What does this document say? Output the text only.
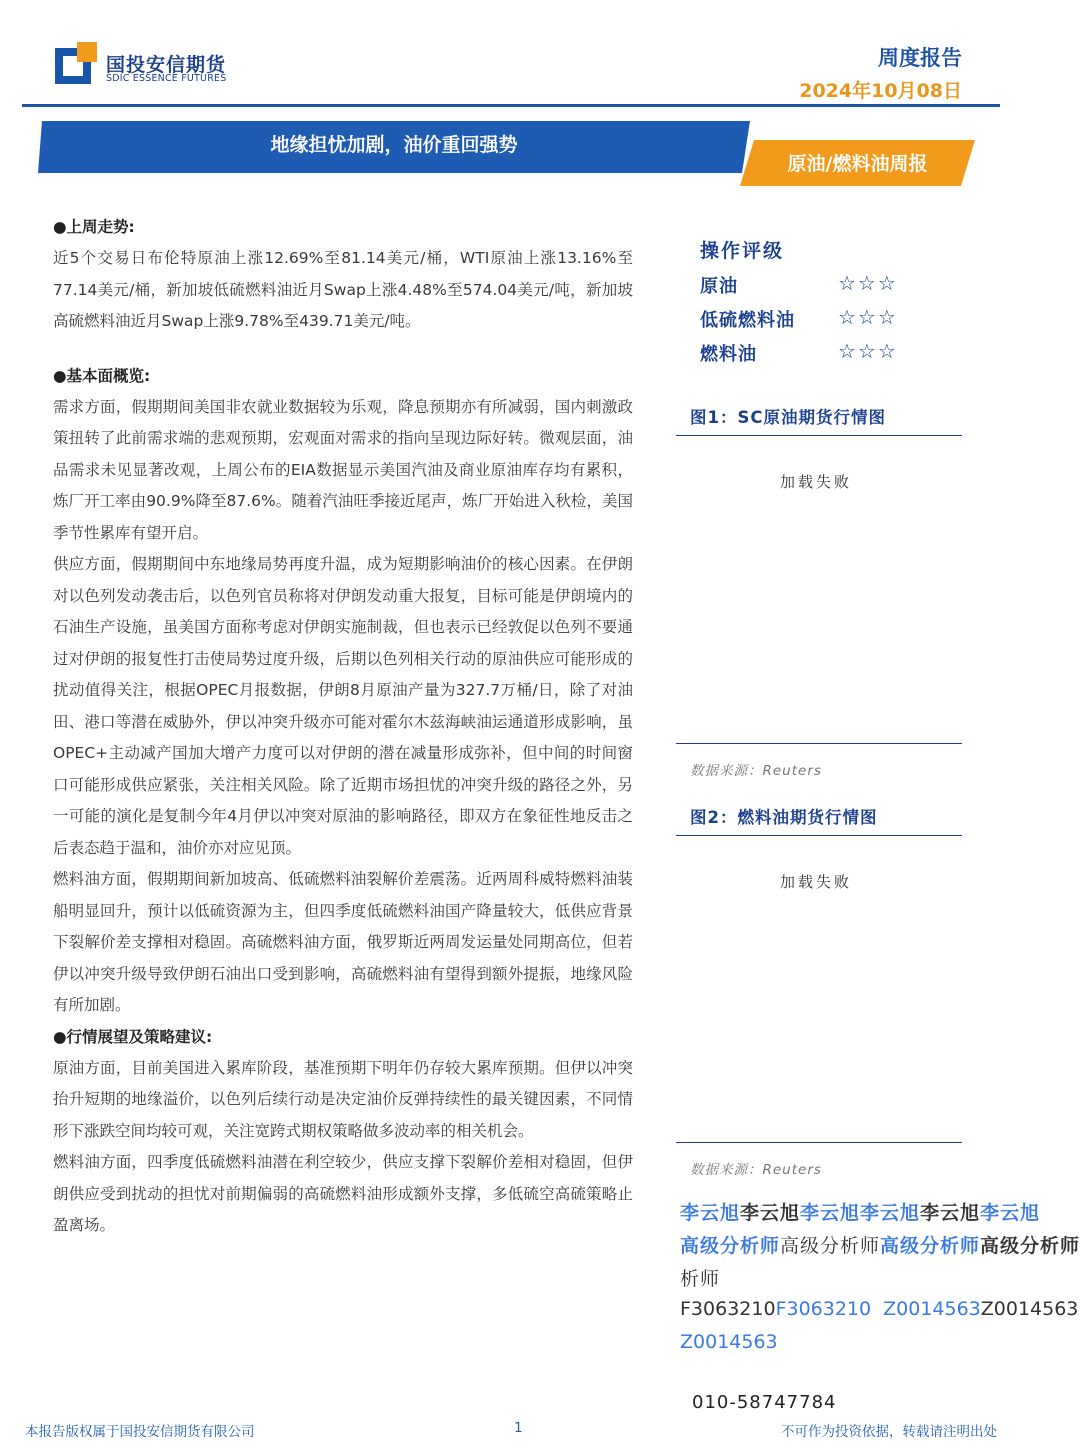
国投安信期货
SDIC ESSENCE FUTURES
周度报告
2024年10月08日
地缘担忧加剧，油价重回强势
原油/燃料油周报
●上周走势:
近5个交易日布伦特原油上涨12.69%至81.14美元/桶，WTI原油上涨13.16%至77.14美元/桶，新加坡低硫燃料油近月Swap上涨4.48%至574.04美元/吨，新加坡高硫燃料油近月Swap上涨9.78%至439.71美元/吨。
●基本面概览:
需求方面，假期期间美国非农就业数据较为乐观，降息预期亦有所减弱，国内刺激政策扭转了此前需求端的悲观预期，宏观面对需求的指向呈现边际好转。微观层面，油品需求未见显著改观，上周公布的EIA数据显示美国汽油及商业原油库存均有累积，炼厂开工率由90.9%降至87.6%。随着汽油旺季接近尾声，炼厂开始进入秋检，美国季节性累库有望开启。
供应方面，假期期间中东地缘局势再度升温，成为短期影响油价的核心因素。在伊朗对以色列发动袭击后，以色列官员称将对伊朗发动重大报复，目标可能是伊朗境内的石油生产设施，虽美国方面称考虑对伊朗实施制裁，但也表示已经敦促以色列不要通过对伊朗的报复性打击使局势过度升级，后期以色列相关行动的原油供应可能形成的扰动值得关注，根据OPEC月报数据，伊朗8月原油产量为327.7万桶/日，除了对油田、港口等潜在威胁外，伊以冲突升级亦可能对霍尔木兹海峡油运通道形成影响，虽OPEC+主动减产国加大增产力度可以对伊朗的潜在减量形成弥补，但中间的时间窗口可能形成供应紧张，关注相关风险。除了近期市场担忧的冲突升级的路径之外，另一可能的演化是复制今年4月伊以冲突对原油的影响路径，即双方在象征性地反击之后表态趋于温和，油价亦对应见顶。
燃料油方面，假期期间新加坡高、低硫燃料油裂解价差震荡。近两周科威特燃料油装船明显回升，预计以低硫资源为主，但四季度低硫燃料油国产降量较大，低供应背景下裂解价差支撑相对稳固。高硫燃料油方面，俄罗斯近两周发运量处同期高位，但若伊以冲突升级导致伊朗石油出口受到影响，高硫燃料油有望得到额外提振，地缘风险有所加剧。
●行情展望及策略建议:
原油方面，目前美国进入累库阶段，基准预期下明年仍存较大累库预期。但伊以冲突抬升短期的地缘溢价，以色列后续行动是决定油价反弹持续性的最关键因素，不同情形下涨跌空间均较可观，关注宽跨式期权策略做多波动率的相关机会。
燃料油方面，四季度低硫燃料油潜在利空较少，供应支撑下裂解价差相对稳固，但伊朗供应受到扰动的担忧对前期偏弱的高硫燃料油形成额外支撑，多低硫空高硫策略止盈离场。
操作评级
原油	☆☆☆
低硫燃料油 ☆☆☆
燃料油	☆☆☆
图1：SC原油期货行情图
加载失败
数据来源：Reuters
图2：燃料油期货行情图
加载失败
数据来源：Reuters
李云旭李云旭李云旭李云旭李云旭李云旭
高级分析师高级分析师高级分析师高级分析师
析师
F3063210F3063210 Z0014563Z0014563
Z0014563
010-58747784
本报告版权属于国投安信期货有限公司	1	不可作为投资依据，转载请注明出处
